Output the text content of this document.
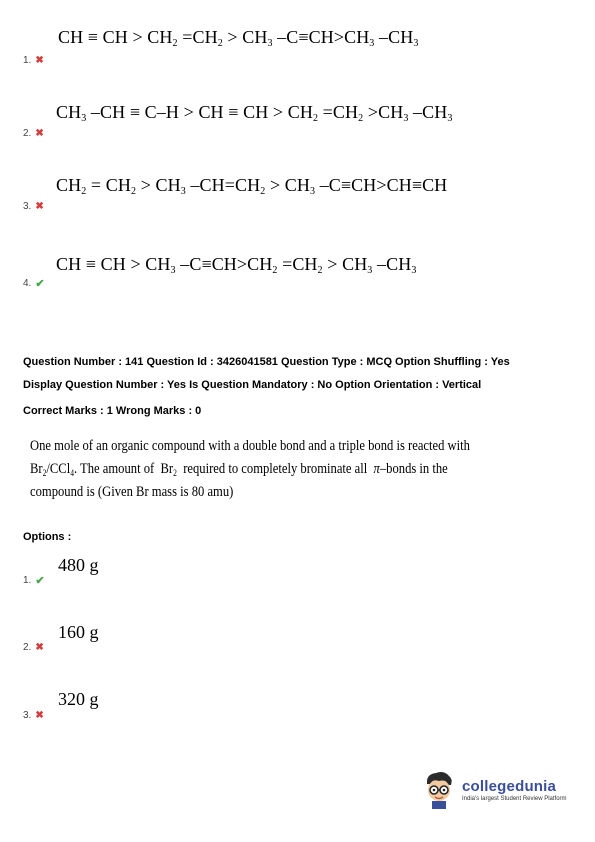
CH ≡ CH > $CH_2 =CH_2 > CH_3$ $-C\equiv CH>CH_3$ $-CH_3$
1. ✖
$CH_3$ –CH ≡ C–H > CH ≡ CH > $CH_2 =CH_2 >CH_3$ $-CH_3$
2. ✖
$CH_2 = CH_2 > CH_3$ $-CH=CH_2 > CH_3$ –C≡CH>CH≡CH
3. ✖
CH ≡ CH > $CH_3$ $-C\equiv CH>CH_2 =CH_2 > CH_3$ $-CH_3$
4. ✔
Question Number : 141 Question Id : 3426041581 Question Type : MCQ Option Shuffling : Yes
Display Question Number : Yes Is Question Mandatory : No Option Orientation : Vertical
Correct Marks : 1 Wrong Marks : 0
One mole of an organic compound with a double bond and a triple bond is reacted with
$Br_2/CCl_4$. The amount of  $Br_2$  required to completely brominate all  π–bonds in the
compound is (Given Br mass is 80 amu)
Options :
480 g
1. ✔
160 g
2. ✖
320 g
3. ✖
collegedunia
India's largest Student Review Platform
